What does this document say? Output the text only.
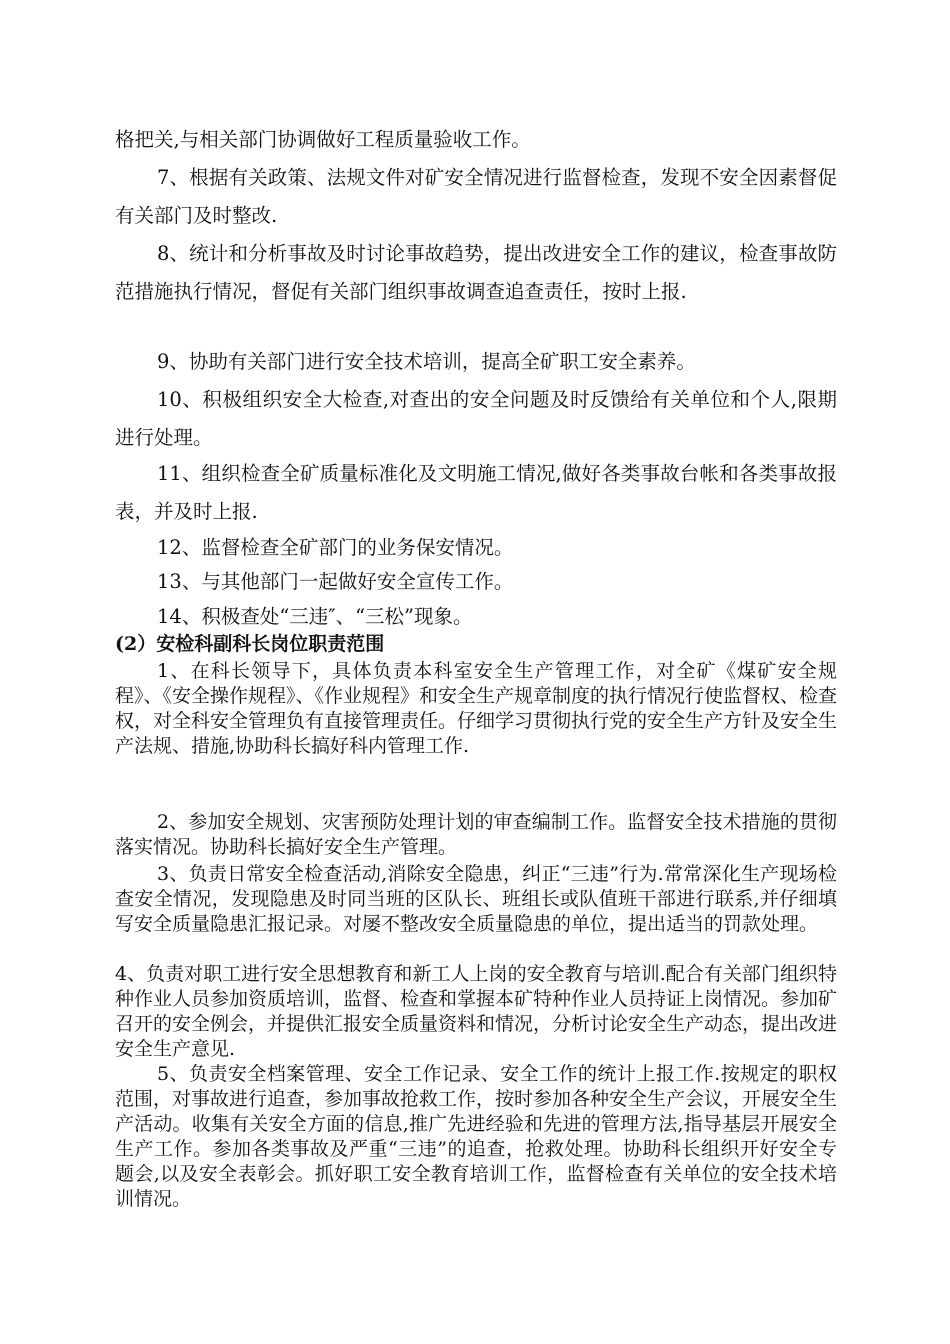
格把关,与相关部门协调做好工程质量验收工作。

7、根据有关政策、法规文件对矿安全情况进行监督检查，发现不安全因素督促有关部门及时整改.

8、统计和分析事故及时讨论事故趋势，提出改进安全工作的建议，检查事故防范措施执行情况，督促有关部门组织事故调查追查责任，按时上报.

9、协助有关部门进行安全技术培训，提高全矿职工安全素养。

10、积极组织安全大检查,对查出的安全问题及时反馈给有关单位和个人,限期进行处理。

11、组织检查全矿质量标准化及文明施工情况,做好各类事故台帐和各类事故报表，并及时上报.

12、监督检查全矿部门的业务保安情况。

13、与其他部门一起做好安全宣传工作。

14、积极查处“三违″、“三松”现象。

(2）安检科副科长岗位职责范围

1、在科长领导下，具体负责本科室安全生产管理工作，对全矿《煤矿安全规程》、《安全操作规程》、《作业规程》和安全生产规章制度的执行情况行使监督权、检查权，对全科安全管理负有直接管理责任。仔细学习贯彻执行党的安全生产方针及安全生产法规、措施,协助科长搞好科内管理工作.

2、参加安全规划、灾害预防处理计划的审查编制工作。监督安全技术措施的贯彻落实情况。协助科长搞好安全生产管理。

3、负责日常安全检查活动,消除安全隐患，纠正“三违”行为.常常深化生产现场检查安全情况，发现隐患及时同当班的区队长、班组长或队值班干部进行联系,并仔细填写安全质量隐患汇报记录。对屡不整改安全质量隐患的单位，提出适当的罚款处理。

4、负责对职工进行安全思想教育和新工人上岗的安全教育与培训.配合有关部门组织特种作业人员参加资质培训，监督、检查和掌握本矿特种作业人员持证上岗情况。参加矿召开的安全例会，并提供汇报安全质量资料和情况，分析讨论安全生产动态，提出改进安全生产意见.

5、负责安全档案管理、安全工作记录、安全工作的统计上报工作.按规定的职权范围，对事故进行追查，参加事故抢救工作，按时参加各种安全生产会议，开展安全生产活动。收集有关安全方面的信息,推广先进经验和先进的管理方法,指导基层开展安全生产工作。参加各类事故及严重“三违”的追查，抢救处理。协助科长组织开好安全专题会,以及安全表彰会。抓好职工安全教育培训工作，监督检查有关单位的安全技术培训情况。
